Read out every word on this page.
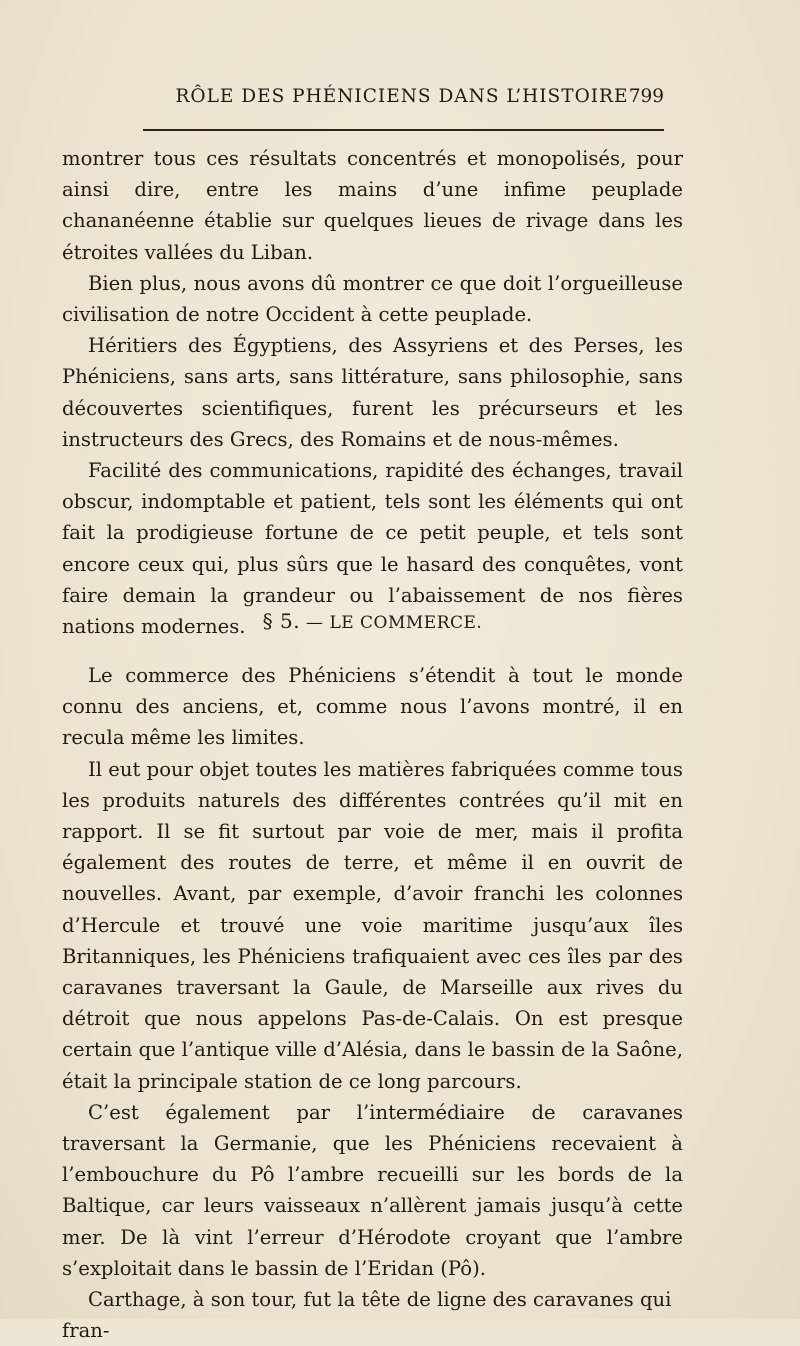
RÔLE DES PHÉNICIENS DANS L’HISTOIRE 799

montrer tous ces résultats concentrés et monopolisés, pour ainsi dire, entre les mains d’une infime peuplade chananéenne établie sur quelques lieues de rivage dans les étroites vallées du Liban.

Bien plus, nous avons dû montrer ce que doit l’orgueilleuse civilisation de notre Occident à cette peuplade.

Héritiers des Égyptiens, des Assyriens et des Perses, les Phéniciens, sans arts, sans littérature, sans philosophie, sans découvertes scientifiques, furent les précurseurs et les instructeurs des Grecs, des Romains et de nous-mêmes.

Facilité des communications, rapidité des échanges, travail obscur, indomptable et patient, tels sont les éléments qui ont fait la prodigieuse fortune de ce petit peuple, et tels sont encore ceux qui, plus sûrs que le hasard des conquêtes, vont faire demain la grandeur ou l’abaissement de nos fières nations modernes. § 5. — LE COMMERCE.

Le commerce des Phéniciens s’étendit à tout le monde connu des anciens, et, comme nous l’avons montré, il en recula même les limites.

Il eut pour objet toutes les matières fabriquées comme tous les produits naturels des différentes contrées qu’il mit en rapport. Il se fit surtout par voie de mer, mais il profita également des routes de terre, et même il en ouvrit de nouvelles. Avant, par exemple, d’avoir franchi les colonnes d’Hercule et trouvé une voie maritime jusqu’aux îles Britanniques, les Phéniciens trafiquaient avec ces îles par des caravanes traversant la Gaule, de Marseille aux rives du détroit que nous appelons Pas-de-Calais. On est presque certain que l’antique ville d’Alésia, dans le bassin de la Saône, était la principale station de ce long parcours.

C’est également par l’intermédiaire de caravanes traversant la Germanie, que les Phéniciens recevaient à l’embouchure du Pô l’ambre recueilli sur les bords de la Baltique, car leurs vaisseaux n’allèrent jamais jusqu’à cette mer. De là vint l’erreur d’Hérodote croyant que l’ambre s’exploitait dans le bassin de l’Eridan (Pô).

Carthage, à son tour, fut la tête de ligne des caravanes qui fran-
